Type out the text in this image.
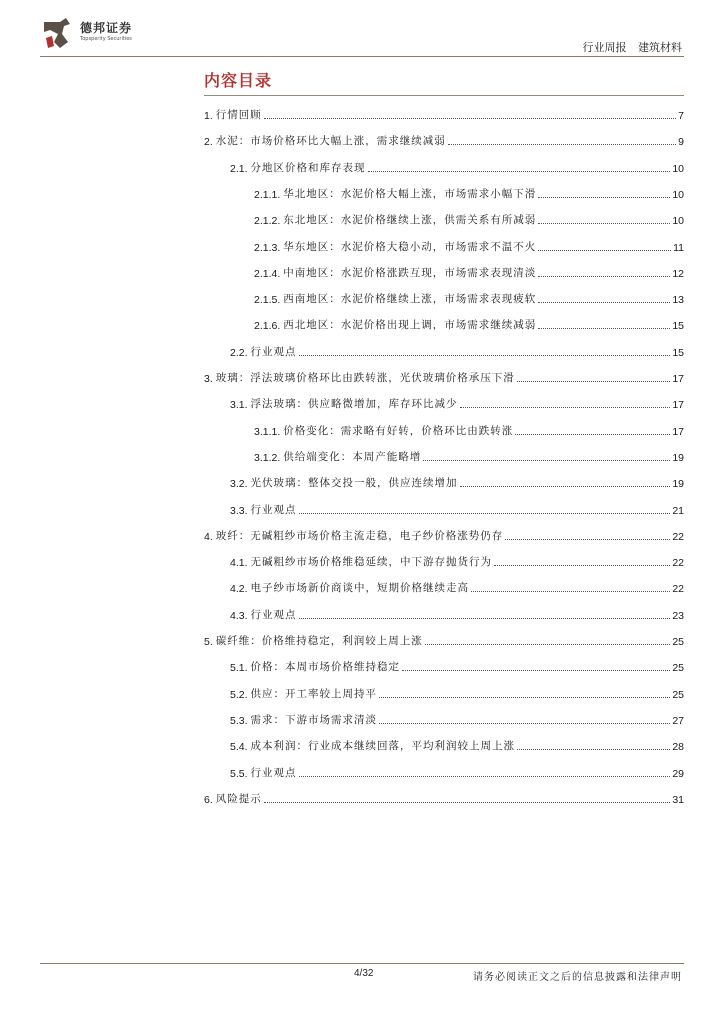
德邦证券
Topsperity Securities
行业周报 建筑材料
内容目录
1. 行情回顾	7
2. 水泥：市场价格环比大幅上涨，需求继续减弱	9
2.1. 分地区价格和库存表现	10
2.1.1. 华北地区：水泥价格大幅上涨，市场需求小幅下滑	10
2.1.2. 东北地区：水泥价格继续上涨，供需关系有所减弱	10
2.1.3. 华东地区：水泥价格大稳小动，市场需求不温不火	11
2.1.4. 中南地区：水泥价格涨跌互现，市场需求表现清淡	12
2.1.5. 西南地区：水泥价格继续上涨，市场需求表现疲软	13
2.1.6. 西北地区：水泥价格出现上调，市场需求继续减弱	15
2.2. 行业观点	15
3. 玻璃：浮法玻璃价格环比由跌转涨，光伏玻璃价格承压下滑	17
3.1. 浮法玻璃：供应略微增加，库存环比减少	17
3.1.1. 价格变化：需求略有好转，价格环比由跌转涨	17
3.1.2. 供给端变化：本周产能略增	19
3.2. 光伏玻璃：整体交投一般，供应连续增加	19
3.3. 行业观点	21
4. 玻纤：无碱粗纱市场价格主流走稳，电子纱价格涨势仍存	22
4.1. 无碱粗纱市场价格维稳延续，中下游存抛货行为	22
4.2. 电子纱市场新价商谈中，短期价格继续走高	22
4.3. 行业观点	23
5. 碳纤维：价格维持稳定，利润较上周上涨	25
5.1. 价格：本周市场价格维持稳定	25
5.2. 供应：开工率较上周持平	25
5.3. 需求：下游市场需求清淡	27
5.4. 成本利润：行业成本继续回落，平均利润较上周上涨	28
5.5. 行业观点	29
6. 风险提示	31
4/32	请务必阅读正文之后的信息披露和法律声明
